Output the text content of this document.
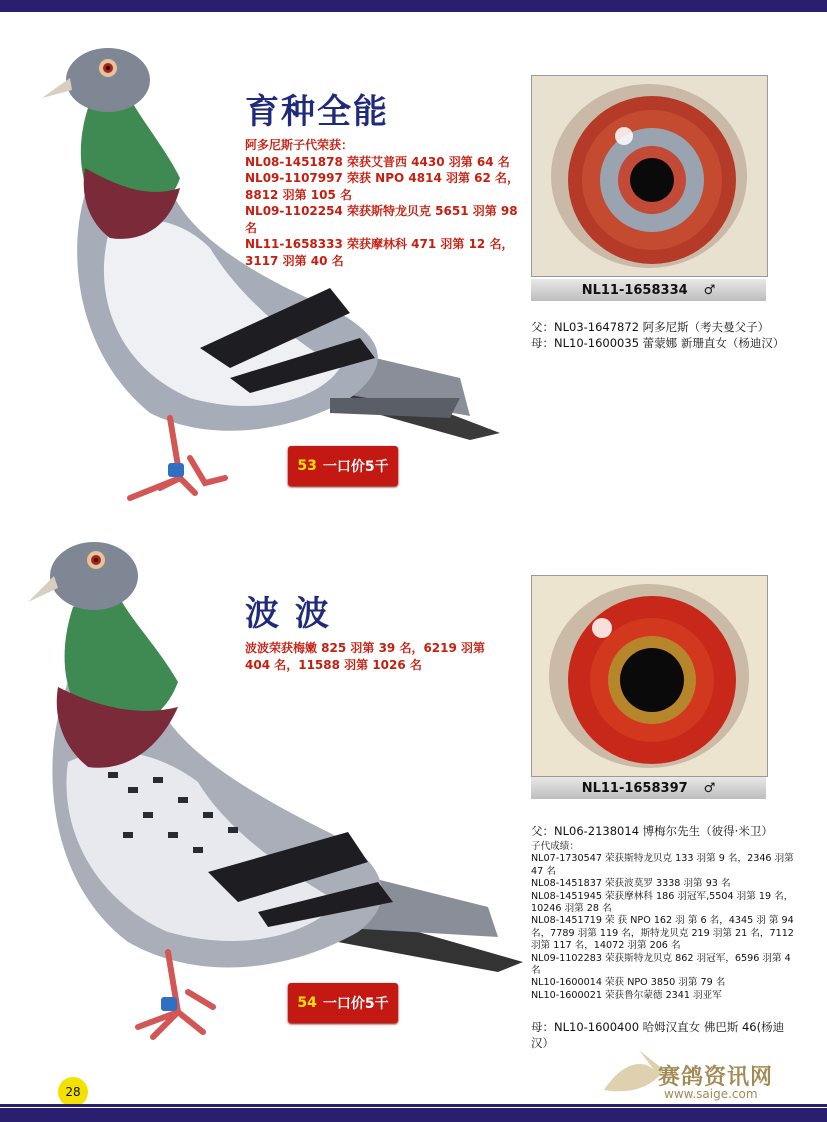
育种全能

阿多尼斯子代荣获：

NL08-1451878 荣获艾普西 4430 羽第 64 名

NL09-1107997 荣获 NPO 4814 羽第 62 名，8812 羽第 105 名

NL09-1102254 荣获斯特龙贝克 5651 羽第 98 名

NL11-1658333 荣获摩林科 471 羽第 12 名，3117 羽第 40 名

NL11-1658334 ♂

父：NL03-1647872 阿多尼斯（考夫曼父子）

母：NL10-1600035 蕾蒙娜 新珊直女（杨迪汉）

53 一口价5千
波 波

波波荣获梅嫩 825 羽第 39 名，6219 羽第 404 名，11588 羽第 1026 名

NL11-1658397 ♂

父：NL06-2138014 博梅尔先生（彼得·米卫）

子代成绩：

NL07-1730547 荣获斯特龙贝克 133 羽第 9 名，2346 羽第 47 名

NL08-1451837 荣获波莫罗 3338 羽第 93 名

NL08-1451945 荣获摩林科 186 羽冠军,5504 羽第 19 名，10246 羽第 28 名

NL08-1451719 荣 获 NPO 162 羽 第 6 名，4345 羽 第 94 名，7789 羽第 119 名，斯特龙贝克 219 羽第 21 名，7112 羽第 117 名，14072 羽第 206 名

NL09-1102283 荣获斯特龙贝克 862 羽冠军，6596 羽第 4 名

NL10-1600014 荣获 NPO 3850 羽第 79 名

NL10-1600021 荣获鲁尔蒙德 2341 羽亚军

母：NL10-1600400 哈姆汉直女 佛巴斯 46(杨迪汉）

54 一口价5千
28
赛鸽资讯网
www.saige.com
